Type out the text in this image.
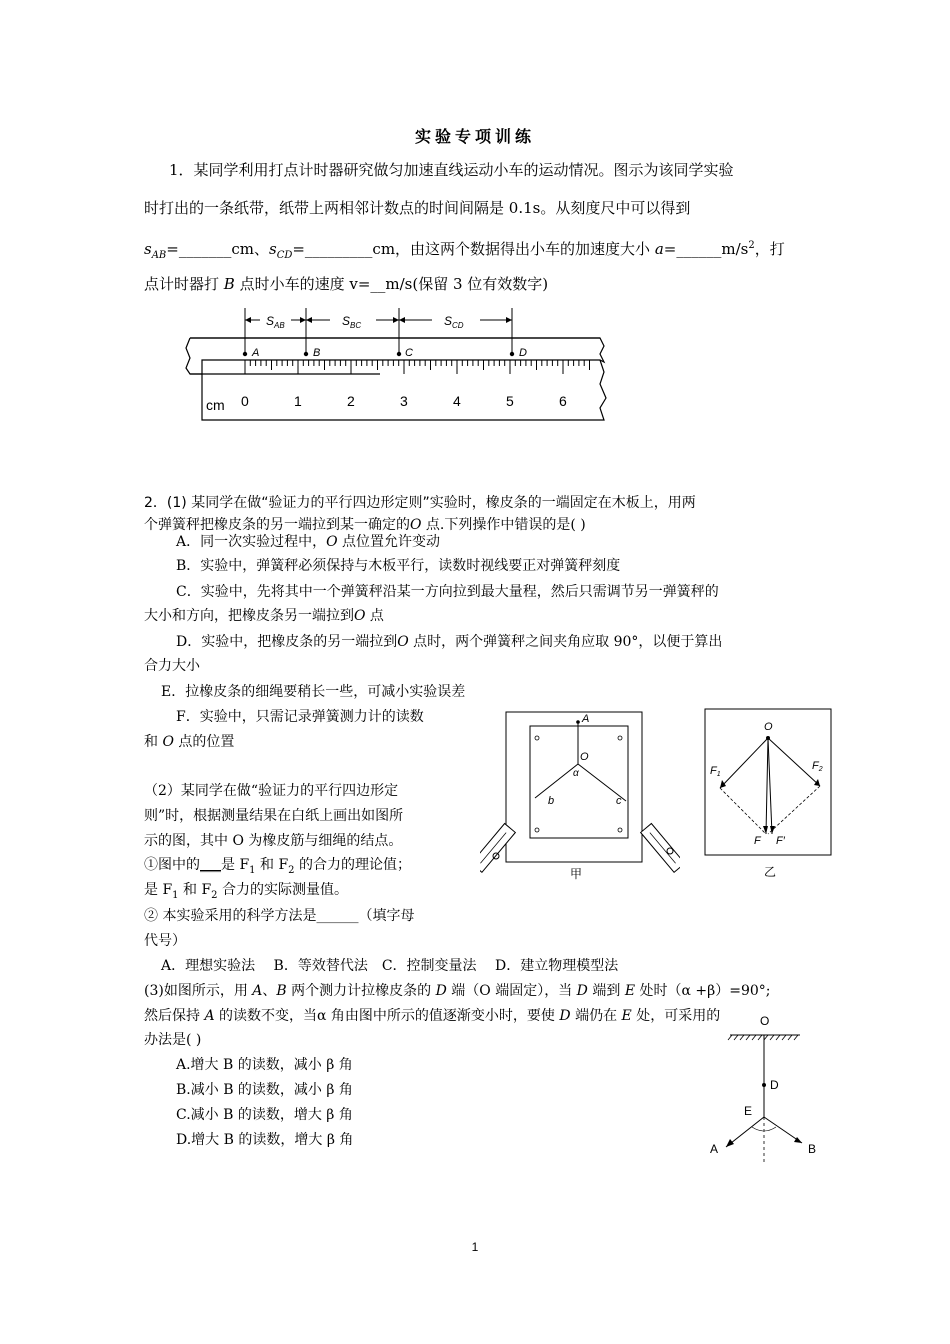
实验专项训练
1．某同学利用打点计时器研究做匀加速直线运动小车的运动情况。图示为该同学实验
时打出的一条纸带，纸带上两相邻计数点的时间间隔是 0.1s。从刻度尺中可以得到
$s_{AB}=\_\_\_\_\_\_\_cm$、$s_{CD}=\_\_\_\_\_\_\_\_\_cm$，由这两个数据得出小车的加速度大小 $a=\_\_\_\_\_\_m/s^2$，打
点计时器打 B 点时小车的速度 v=__m/s(保留 3 位有效数字)
0	1	2	3	4	5	6
cm
$S_{AB}$	$S_{BC}$	$S_{CD}$
A	B	C	D
2．(1) 某同学在做“验证力的平行四边形定则”实验时，橡皮条的一端固定在木板上，用两
个弹簧秤把橡皮条的另一端拉到某一确定的O 点.下列操作中错误的是( )
A．同一次实验过程中，O 点位置允许变动
B．实验中，弹簧秤必须保持与木板平行，读数时视线要正对弹簧秤刻度
C．实验中，先将其中一个弹簧秤沿某一方向拉到最大量程，然后只需调节另一弹簧秤的
大小和方向，把橡皮条另一端拉到O 点
D．实验中，把橡皮条的另一端拉到O 点时，两个弹簧秤之间夹角应取 90°，以便于算出
合力大小
E．拉橡皮条的细绳要稍长一些，可减小实验误差
F．实验中，只需记录弹簧测力计的读数
和 O 点的位置
（2）某同学在做“验证力的平行四边形定
则”时，根据测量结果在白纸上画出如图所
示的图，其中 O 为橡皮筋与细绳的结点。
①图中的___是 $F_1$ 和 $F_2$ 的合力的理论值；
是 $F_1$ 和 $F_2$ 合力的实际测量值。
② 本实验采用的科学方法是______（填字母
代号）
A．理想实验法　 B．等效替代法　C．控制变量法　 D．建立物理模型法
(3)如图所示，用 A、B 两个测力计拉橡皮条的 D 端（O 端固定），当 D 端到 E 处时（α +β）=90°;
然后保持 A 的读数不变，当α 角由图中所示的值逐渐变小时，要使 D 端仍在 E 处，可采用的
办法是( )
A.增大 B 的读数，减小 β 角
B.减小 B 的读数，减小 β 角
C.减小 B 的读数，增大 β 角
D.增大 B 的读数，增大 β 角
A
O
α
b	c
甲
O
F1
F2
F F′
乙
O
D
E
A	B
1
